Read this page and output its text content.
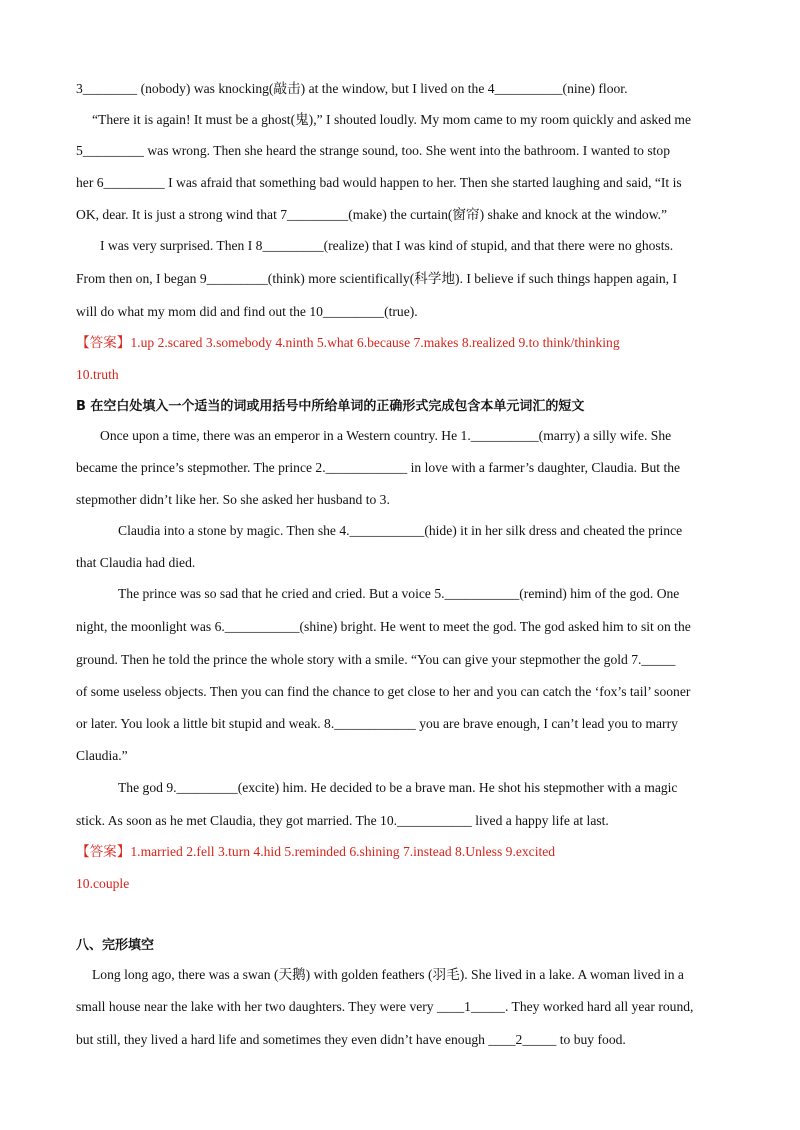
3________ (nobody) was knocking(敲击) at the window, but I lived on the 4__________(nine) floor.
“There it is again! It must be a ghost(鬼),” I shouted loudly. My mom came to my room quickly and asked me
5_________ was wrong. Then she heard the strange sound, too. She went into the bathroom. I wanted to stop
her 6_________ I was afraid that something bad would happen to her. Then she started laughing and said, “It is
OK, dear. It is just a strong wind that 7_________(make) the curtain(窗帘) shake and knock at the window.”
I was very surprised. Then I 8_________(realize) that I was kind of stupid, and that there were no ghosts.
From then on, I began 9_________(think) more scientifically(科学地). I believe if such things happen again, I
will do what my mom did and find out the 10_________(true).
【答案】1.up 2.scared 3.somebody 4.ninth 5.what 6.because 7.makes 8.realized 9.to think/thinking
10.truth
B 在空白处填入一个适当的词或用括号中所给单词的正确形式完成包含本单元词汇的短文
Once upon a time, there was an emperor in a Western country. He 1.__________(marry) a silly wife. She
became the prince’s stepmother. The prince 2.____________ in love with a farmer’s daughter, Claudia. But the
stepmother didn’t like her. So she asked her husband to 3.
Claudia into a stone by magic. Then she 4.___________(hide) it in her silk dress and cheated the prince
that Claudia had died.
The prince was so sad that he cried and cried. But a voice 5.___________(remind) him of the god. One
night, the moonlight was 6.___________(shine) bright. He went to meet the god. The god asked him to sit on the
ground. Then he told the prince the whole story with a smile. “You can give your stepmother the gold 7._____
of some useless objects. Then you can find the chance to get close to her and you can catch the ‘fox’s tail’ sooner
or later. You look a little bit stupid and weak. 8.____________ you are brave enough, I can’t lead you to marry
Claudia.”
The god 9._________(excite) him. He decided to be a brave man. He shot his stepmother with a magic
stick. As soon as he met Claudia, they got married. The 10.___________ lived a happy life at last.
【答案】1.married 2.fell 3.turn 4.hid 5.reminded 6.shining 7.instead 8.Unless 9.excited
10.couple
八、完形填空
Long long ago, there was a swan (天鹅) with golden feathers (羽毛). She lived in a lake. A woman lived in a
small house near the lake with her two daughters. They were very ____1_____. They worked hard all year round,
but still, they lived a hard life and sometimes they even didn’t have enough ____2_____ to buy food.
